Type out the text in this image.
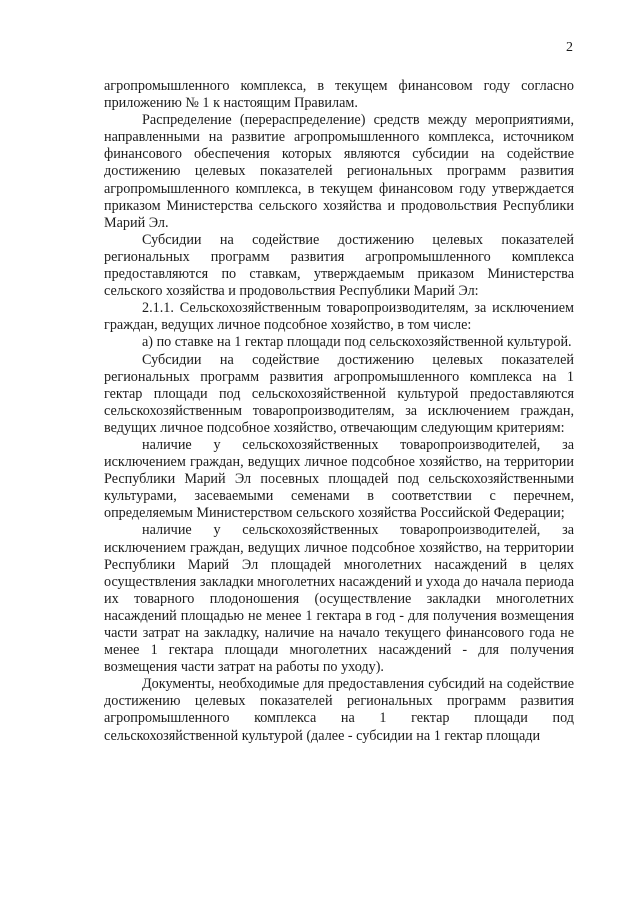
2

агропромышленного комплекса, в текущем финансовом году согласно приложению № 1 к настоящим Правилам.

Распределение (перераспределение) средств между мероприятиями, направленными на развитие агропромышленного комплекса, источником финансового обеспечения которых являются субсидии на содействие достижению целевых показателей региональных программ развития агропромышленного комплекса, в текущем финансовом году утверждается приказом Министерства сельского хозяйства и продовольствия Республики Марий Эл.

Субсидии на содействие достижению целевых показателей региональных программ развития агропромышленного комплекса предоставляются по ставкам, утверждаемым приказом Министерства сельского хозяйства и продовольствия Республики Марий Эл:

2.1.1. Сельскохозяйственным товаропроизводителям, за исключением граждан, ведущих личное подсобное хозяйство, в том числе:

а) по ставке на 1 гектар площади под сельскохозяйственной культурой.

Субсидии на содействие достижению целевых показателей региональных программ развития агропромышленного комплекса на 1 гектар площади под сельскохозяйственной культурой предоставляются сельскохозяйственным товаропроизводителям, за исключением граждан, ведущих личное подсобное хозяйство, отвечающим следующим критериям:

наличие у сельскохозяйственных товаропроизводителей, за исключением граждан, ведущих личное подсобное хозяйство, на территории Республики Марий Эл посевных площадей под сельскохозяйственными культурами, засеваемыми семенами в соответствии с перечнем, определяемым Министерством сельского хозяйства Российской Федерации;

наличие у сельскохозяйственных товаропроизводителей, за исключением граждан, ведущих личное подсобное хозяйство, на территории Республики Марий Эл площадей многолетних насаждений в целях осуществления закладки многолетних насаждений и ухода до начала периода их товарного плодоношения (осуществление закладки многолетних насаждений площадью не менее 1 гектара в год - для получения возмещения части затрат на закладку, наличие на начало текущего финансового года не менее 1 гектара площади многолетних насаждений - для получения возмещения части затрат на работы по уходу).

Документы, необходимые для предоставления субсидий на содействие достижению целевых показателей региональных программ развития агропромышленного комплекса на 1 гектар площади под сельскохозяйственной культурой (далее - субсидии на 1 гектар площади
